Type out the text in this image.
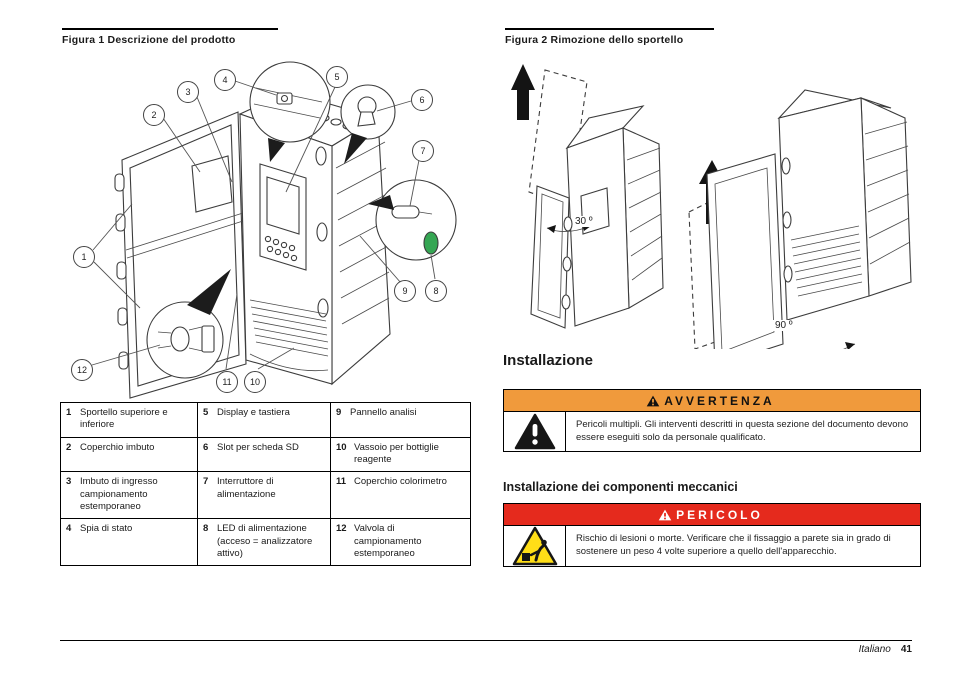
Figura 1 Descrizione del prodotto
1
2
3
4	5
6
7
8
9
10
11
12
1 Sportello superiore e inferiore	5 Display e tastiera	9 Pannello analisi
2 Coperchio imbuto	6 Slot per scheda SD	10 Vassoio per bottiglie reagente
3 Imbuto di ingresso campionamento estemporaneo	7 Interruttore di alimentazione	11 Coperchio colorimetro
4 Spia di stato	8 LED di alimentazione (acceso = analizzatore attivo)	12 Valvola di campionamento estemporaneo
Figura 2 Rimozione dello sportello
30 º
90 º
Installazione
AVVERTENZA
Pericoli multipli. Gli interventi descritti in questa sezione del documento devono essere eseguiti solo da personale qualificato.
Installazione dei componenti meccanici
PERICOLO
Rischio di lesioni o morte. Verificare che il fissaggio a parete sia in grado di sostenere un peso 4 volte superiore a quello dell'apparecchio.
Italiano 41
